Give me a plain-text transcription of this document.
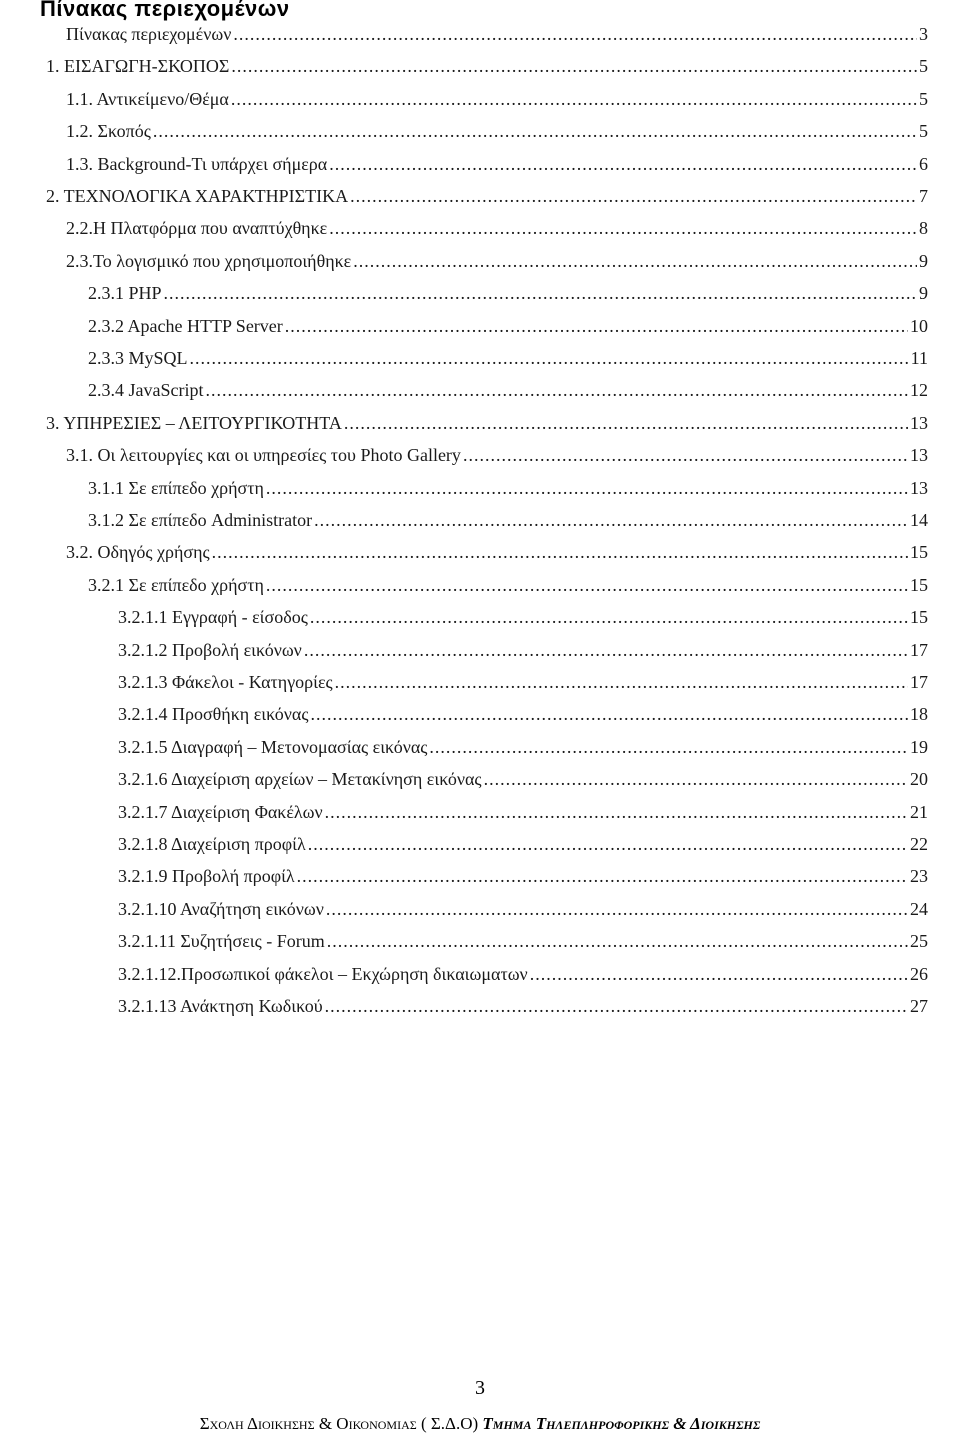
Πίνακας περιεχομένων
Πίνακας περιεχομένων .....	3
1. ΕΙΣΑΓΩΓΗ-ΣΚΟΠΟΣ .....	5
1.1. Αντικείμενο/Θέμα .....	5
1.2. Σκοπός .....	5
1.3. Background-Τι υπάρχει σήμερα .....	6
2. ΤΕΧΝΟΛΟΓΙΚΑ ΧΑΡΑΚΤΗΡΙΣΤΙΚΑ .....	7
2.2.Η Πλατφόρμα που αναπτύχθηκε .....	8
2.3.Το λογισμικό που χρησιμοποιήθηκε .....	9
2.3.1 PHP .....	9
2.3.2 Apache HTTP Server .....	10
2.3.3 MySQL .....	11
2.3.4 JavaScript .....	12
3. ΥΠΗΡΕΣΙΕΣ – ΛΕΙΤΟΥΡΓΙΚΟΤΗΤΑ .....	13
3.1. Οι λειτουργίες και οι υπηρεσίες του Photo Gallery .....	13
3.1.1 Σε επίπεδο χρήστη .....	13
3.1.2 Σε επίπεδο Administrator .....	14
3.2. Οδηγός χρήσης .....	15
3.2.1 Σε επίπεδο χρήστη .....	15
3.2.1.1 Εγγραφή - είσοδος .....	15
3.2.1.2 Προβολή εικόνων .....	17
3.2.1.3 Φάκελοι - Κατηγορίες .....	17
3.2.1.4 Προσθήκη εικόνας .....	18
3.2.1.5 Διαγραφή – Μετονομασίας εικόνας .....	19
3.2.1.6 Διαχείριση αρχείων – Μετακίνηση εικόνας .....	20
3.2.1.7 Διαχείριση Φακέλων .....	21
3.2.1.8 Διαχείριση προφίλ .....	22
3.2.1.9 Προβολή προφίλ .....	23
3.2.1.10 Αναζήτηση εικόνων .....	24
3.2.1.11 Συζητήσεις - Forum .....	25
3.2.1.12.Προσωπικοί φάκελοι – Εκχώρηση δικαιωματων .....	26
3.2.1.13 Ανάκτηση Κωδικού .....	27
3
Σχολη Διοικησης & Οικονομιας ( Σ.Δ.Ο) Τμημα Τηλεπληροφορικης & Διοικησης
